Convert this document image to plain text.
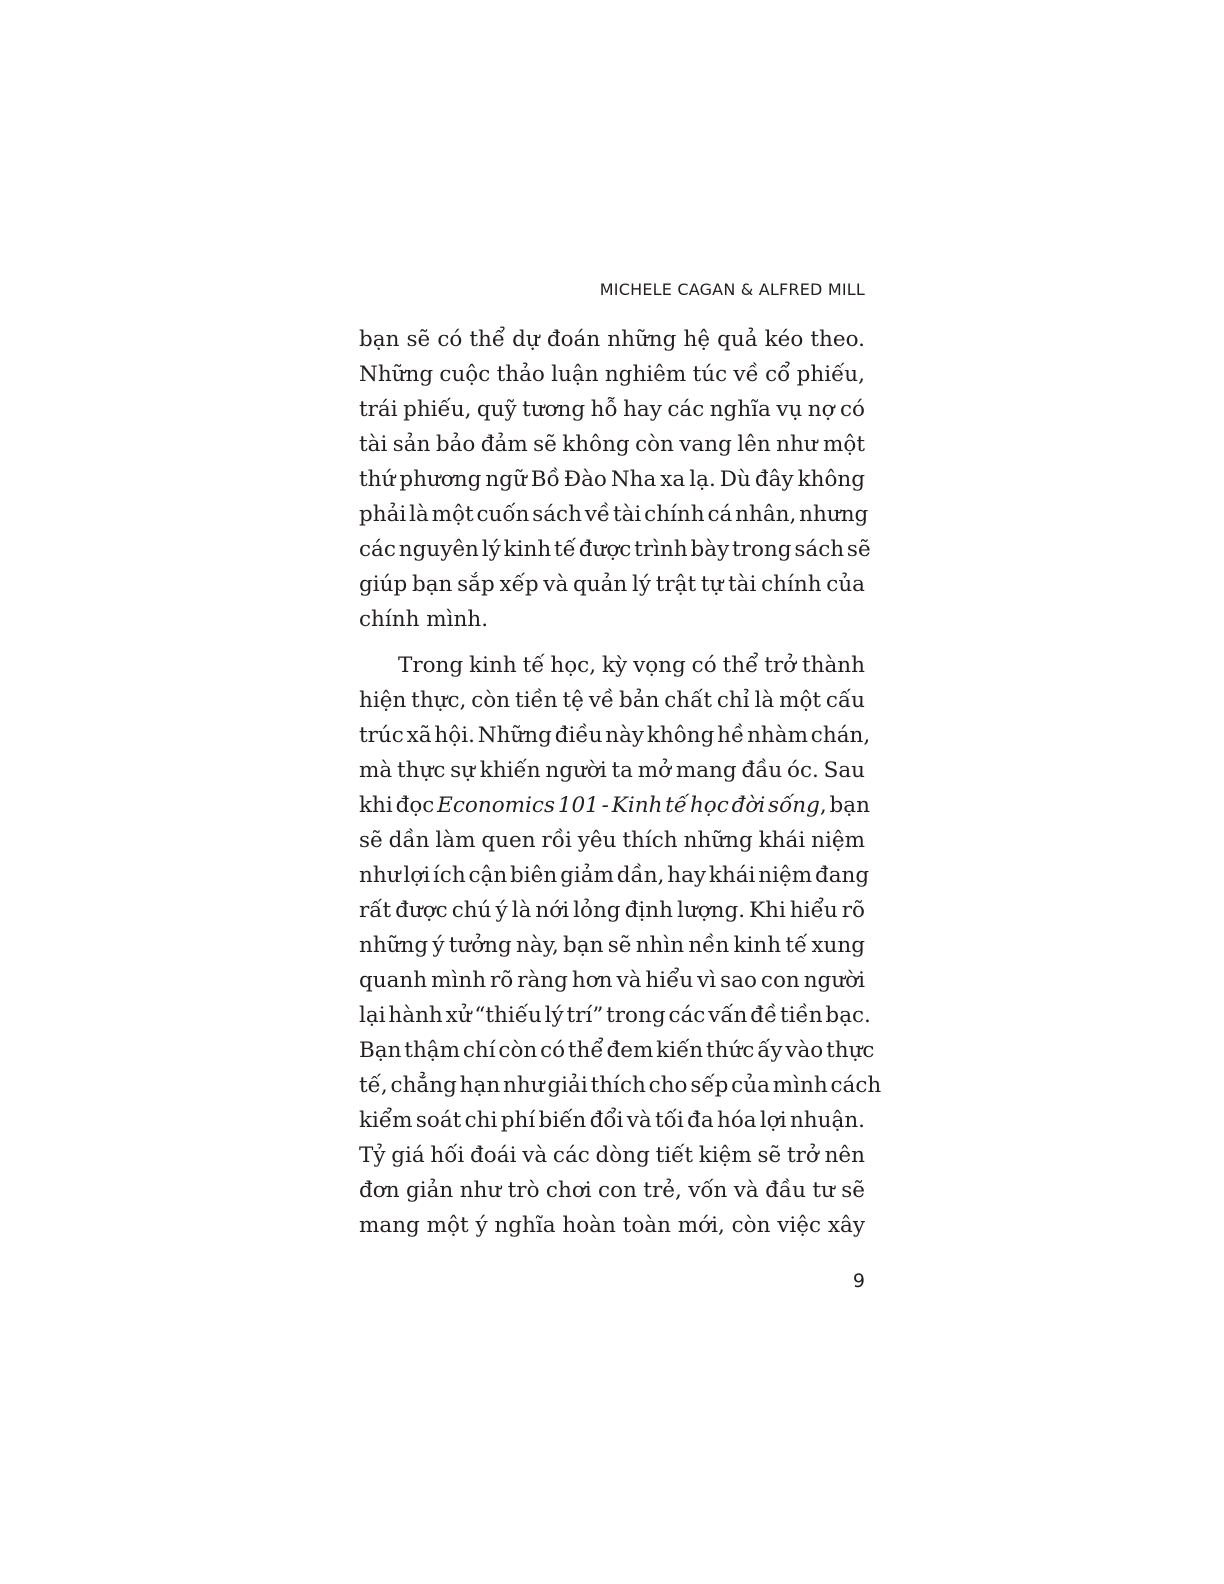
MICHELE CAGAN & ALFRED MILL

bạn sẽ có thể dự đoán những hệ quả kéo theo.
Những cuộc thảo luận nghiêm túc về cổ phiếu,
trái phiếu, quỹ tương hỗ hay các nghĩa vụ nợ có
tài sản bảo đảm sẽ không còn vang lên như một
thứ phương ngữ Bồ Đào Nha xa lạ. Dù đây không
phải là một cuốn sách về tài chính cá nhân, nhưng
các nguyên lý kinh tế được trình bày trong sách sẽ
giúp bạn sắp xếp và quản lý trật tự tài chính của
chính mình.

Trong kinh tế học, kỳ vọng có thể trở thành
hiện thực, còn tiền tệ về bản chất chỉ là một cấu
trúc xã hội. Những điều này không hề nhàm chán,
mà thực sự khiến người ta mở mang đầu óc. Sau
khi đọc Economics 101 - Kinh tế học đời sống, bạn
sẽ dần làm quen rồi yêu thích những khái niệm
như lợi ích cận biên giảm dần, hay khái niệm đang
rất được chú ý là nới lỏng định lượng. Khi hiểu rõ
những ý tưởng này, bạn sẽ nhìn nền kinh tế xung
quanh mình rõ ràng hơn và hiểu vì sao con người
lại hành xử “thiếu lý trí” trong các vấn đề tiền bạc.
Bạn thậm chí còn có thể đem kiến thức ấy vào thực
tế, chẳng hạn như giải thích cho sếp của mình cách
kiểm soát chi phí biến đổi và tối đa hóa lợi nhuận.
Tỷ giá hối đoái và các dòng tiết kiệm sẽ trở nên
đơn giản như trò chơi con trẻ, vốn và đầu tư sẽ
mang một ý nghĩa hoàn toàn mới, còn việc xây

9
